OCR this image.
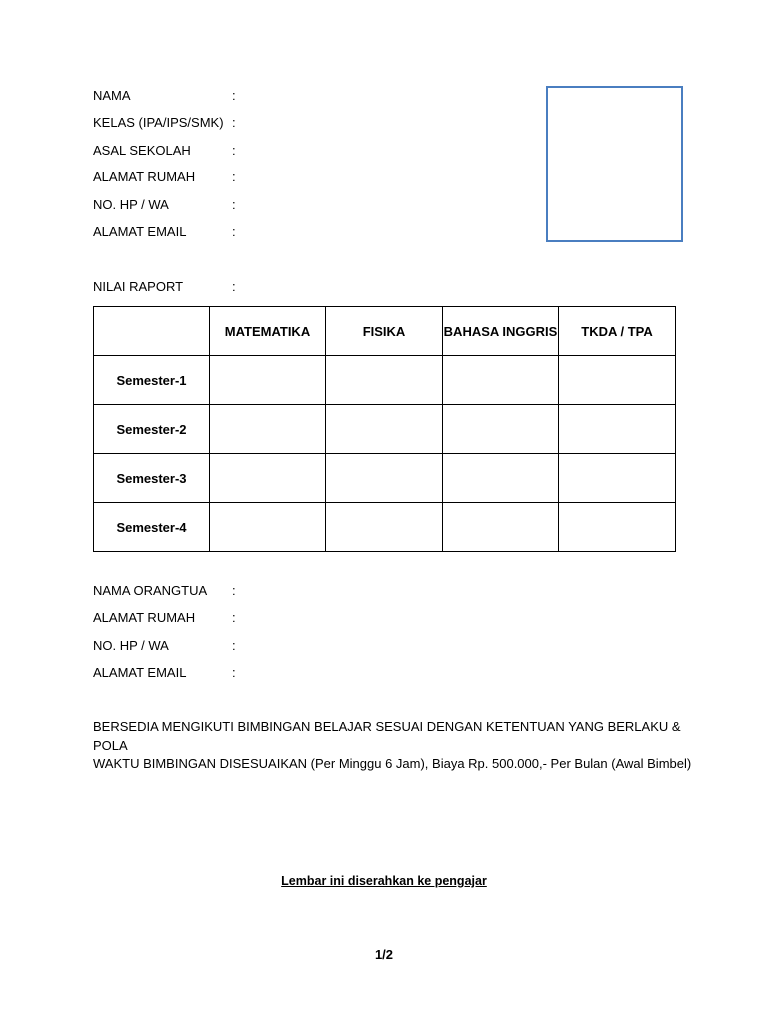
NAMA	:
KELAS (IPA/IPS/SMK) :
ASAL SEKOLAH	:
ALAMAT RUMAH	:
NO. HP / WA	:
ALAMAT EMAIL	:
NILAI RAPORT	:
	MATEMATIKA	FISIKA	BAHASA INGGRIS	TKDA / TPA
Semester-1				
Semester-2				
Semester-3				
Semester-4				
NAMA ORANGTUA :
ALAMAT RUMAH	:
NO. HP / WA	:
ALAMAT EMAIL	:
BERSEDIA MENGIKUTI BIMBINGAN BELAJAR SESUAI DENGAN KETENTUAN YANG BERLAKU & POLA
WAKTU BIMBINGAN DISESUAIKAN (Per Minggu 6 Jam), Biaya Rp. 500.000,- Per Bulan (Awal Bimbel)
Lembar ini diserahkan ke pengajar
1/2
